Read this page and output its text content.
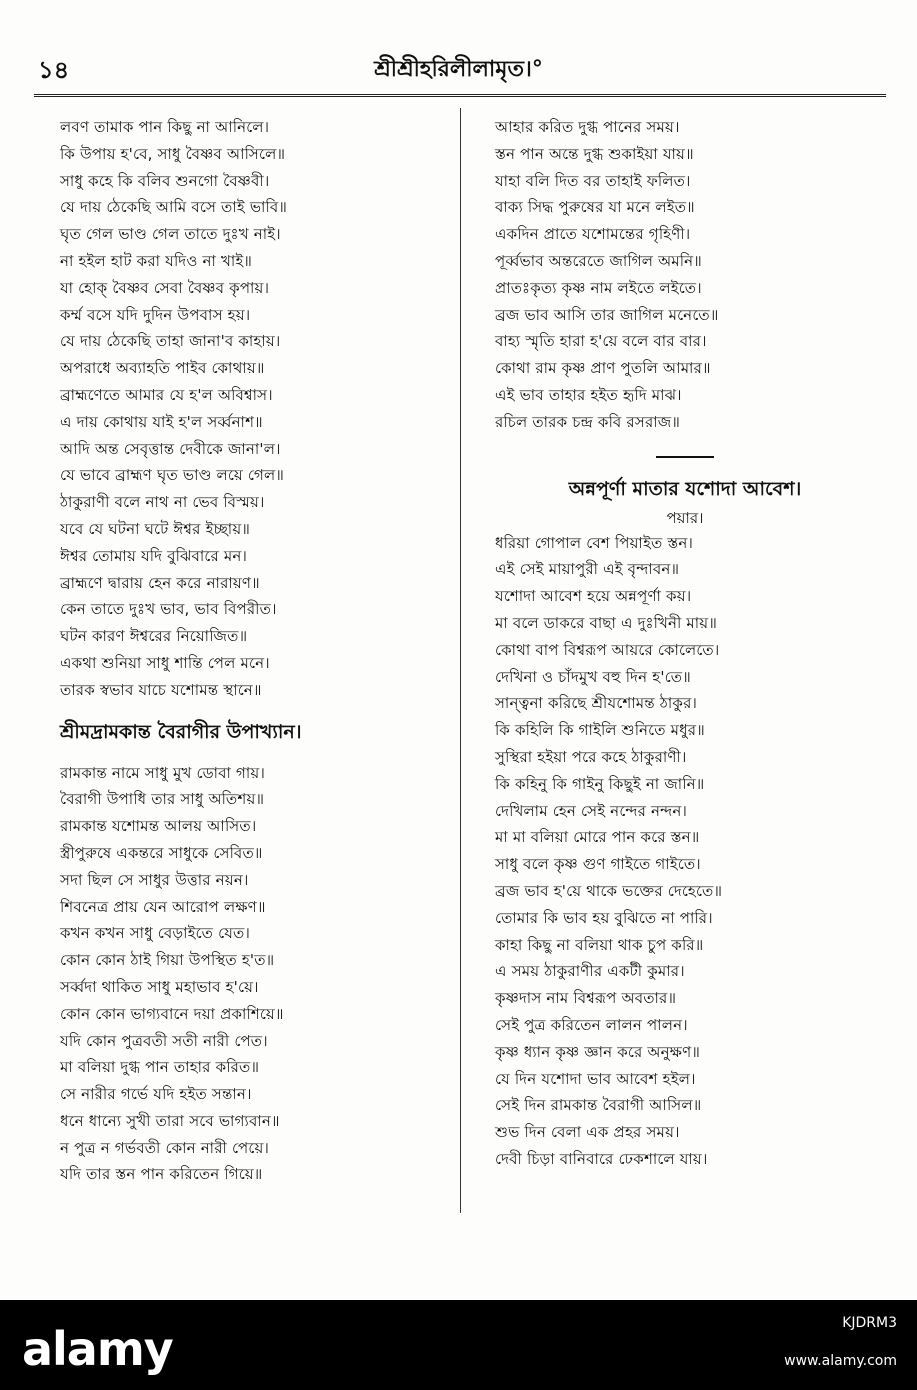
১৪	শ্রীশ্রীহরিলীলামৃত।°
লবণ তামাক পান কিছু না আনিলে।
কি উপায় হ'বে, সাধু বৈষ্ণব আসিলে॥
সাধু কহে কি বলিব শুনগো বৈষ্ণবী।
যে দায় ঠেকেছি আমি বসে তাই ভাবি॥
ঘৃত গেল ভাণ্ড গেল তাতে দুঃখ নাই।
না হইল হাট করা যদিও না খাই॥
যা হোক্ বৈষ্ণব সেবা বৈষ্ণব কৃপায়।
কর্ম্ম বসে যদি দুদিন উপবাস হয়।
যে দায় ঠেকেছি তাহা জানা'ব কাহায়।
অপরাধে অব্যাহতি পাইব কোথায়॥
ব্রাহ্মণেতে আমার যে হ'ল অবিশ্বাস।
এ দায় কোথায় যাই হ'ল সর্ব্বনাশ॥
আদি অন্ত সেবৃত্তান্ত দেবীকে জানা'ল।
যে ভাবে ব্রাহ্মণ ঘৃত ভাণ্ড লয়ে গেল॥
ঠাকুরাণী বলে নাথ না ভেব বিস্ময়।
যবে যে ঘটনা ঘটে ঈশ্বর ইচ্ছায়॥
ঈশ্বর তোমায় যদি বুঝিবারে মন।
ব্রাহ্মণে দ্বারায় হেন করে নারায়ণ॥
কেন তাতে দুঃখ ভাব, ভাব বিপরীত।
ঘটন কারণ ঈশ্বরের নিয়োজিত॥
একথা শুনিয়া সাধু শান্তি পেল মনে।
তারক স্বভাব যাচে যশোমন্ত স্থানে॥
শ্রীমদ্রামকান্ত বৈরাগীর উপাখ্যান।
রামকান্ত নামে সাধু মুখ ডোবা গায়।
বৈরাগী উপাধি তার সাধু অতিশয়॥
রামকান্ত যশোমন্ত আলয় আসিত।
স্ত্রীপুরুষে একন্তরে সাধুকে সেবিত॥
সদা ছিল সে সাধুর উত্তার নয়ন।
শিবনেত্র প্রায় যেন আরোপ লক্ষণ॥
কখন কখন সাধু বেড়াইতে যেত।
কোন কোন ঠাই গিয়া উপস্থিত হ'ত॥
সর্ব্বদা থাকিত সাধু মহাভাব হ'য়ে।
কোন কোন ভাগ্যবানে দয়া প্রকাশিয়ে॥
যদি কোন পুত্রবতী সতী নারী পেত।
মা বলিয়া দুগ্ধ পান তাহার করিত॥
সে নারীর গর্ভে যদি হইত সন্তান।
ধনে ধান্যে সুখী তারা সবে ভাগ্যবান॥
ন পুত্র ন গর্ভবতী কোন নারী পেয়ে।
যদি তার স্তন পান করিতেন গিয়ে॥
আহার করিত দুগ্ধ পানের সময়।
স্তন পান অন্তে দুগ্ধ শুকাইয়া যায়॥
যাহা বলি দিত বর তাহাই ফলিত।
বাক্য সিদ্ধ পুরুষের যা মনে লইত॥
একদিন প্রাতে যশোমন্তের গৃহিণী।
পূর্ব্বভাব অন্তরেতে জাগিল অমনি॥
প্রাতঃকৃত্য কৃষ্ণ নাম লইতে লইতে।
ব্রজ ভাব আসি তার জাগিল মনেতে॥
বাহ্য স্মৃতি হারা হ'য়ে বলে বার বার।
কোথা রাম কৃষ্ণ প্রাণ পুতলি আমার॥
এই ভাব তাহার হইত হৃদি মাঝ।
রচিল তারক চন্দ্র কবি রসরাজ॥
অন্নপূর্ণা মাতার যশোদা আবেশ।
পয়ার।
ধরিয়া গোপাল বেশ পিয়াইত স্তন।
এই সেই মায়াপুরী এই বৃন্দাবন॥
যশোদা আবেশ হয়ে অন্নপূর্ণা কয়।
মা বলে ডাকরে বাছা এ দুঃখিনী মায়॥
কোথা বাপ বিশ্বরূপ আয়রে কোলেতে।
দেখিনা ও চাঁদমুখ বহু দিন হ'তে॥
সান্ত্বনা করিছে শ্রীযশোমন্ত ঠাকুর।
কি কহিলি কি গাইলি শুনিতে মধুর॥
সুস্থিরা হইয়া পরে কহে ঠাকুরাণী।
কি কহিনু কি গাইনু কিছুই না জানি॥
দেখিলাম হেন সেই নন্দের নন্দন।
মা মা বলিয়া মোরে পান করে স্তন॥
সাধু বলে কৃষ্ণ গুণ গাইতে গাইতে।
ব্রজ ভাব হ'য়ে থাকে ভক্তের দেহেতে॥
তোমার কি ভাব হয় বুঝিতে না পারি।
কাহা কিছু না বলিয়া থাক চুপ করি॥
এ সময় ঠাকুরাণীর একটী কুমার।
কৃষ্ণদাস নাম বিশ্বরূপ অবতার॥
সেই পুত্র করিতেন লালন পালন।
কৃষ্ণ ধ্যান কৃষ্ণ জ্ঞান করে অনুক্ষণ॥
যে দিন যশোদা ভাব আবেশ হইল।
সেই দিন রামকান্ত বৈরাগী আসিল॥
শুভ দিন বেলা এক প্রহর সময়।
দেবী চিড়া বানিবারে ঢেকশালে যায়।
alamy	KJDRM3
www.alamy.com
